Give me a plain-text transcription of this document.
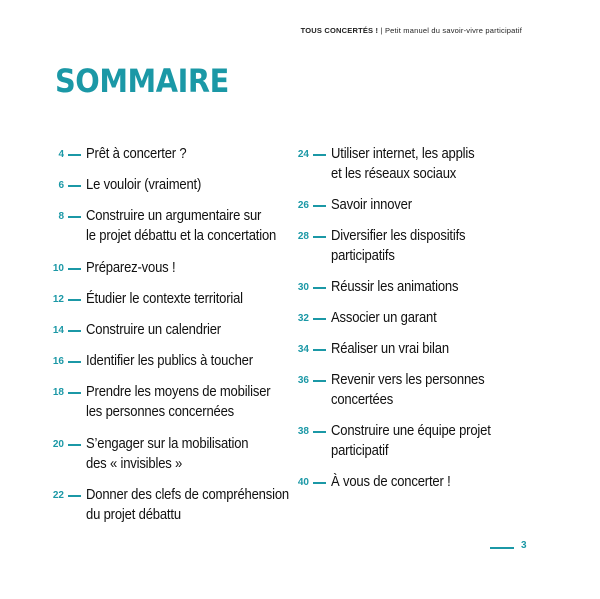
TOUS CONCERTÉS ! | Petit manuel du savoir-vivre participatif
SOMMAIRE
4 Prêt à concerter ?
6 Le vouloir (vraiment)
8 Construire un argumentaire sur
le projet débattu et la concertation
10 Préparez-vous !
12 Étudier le contexte territorial
14 Construire un calendrier
16 Identifier les publics à toucher
18 Prendre les moyens de mobiliser
les personnes concernées
20 S’engager sur la mobilisation
des « invisibles »
22 Donner des clefs de compréhension
du projet débattu
24 Utiliser internet, les applis
et les réseaux sociaux
26 Savoir innover
28 Diversifier les dispositifs
participatifs
30 Réussir les animations
32 Associer un garant
34 Réaliser un vrai bilan
36 Revenir vers les personnes
concertées
38 Construire une équipe projet
participatif
40 À vous de concerter !
3
